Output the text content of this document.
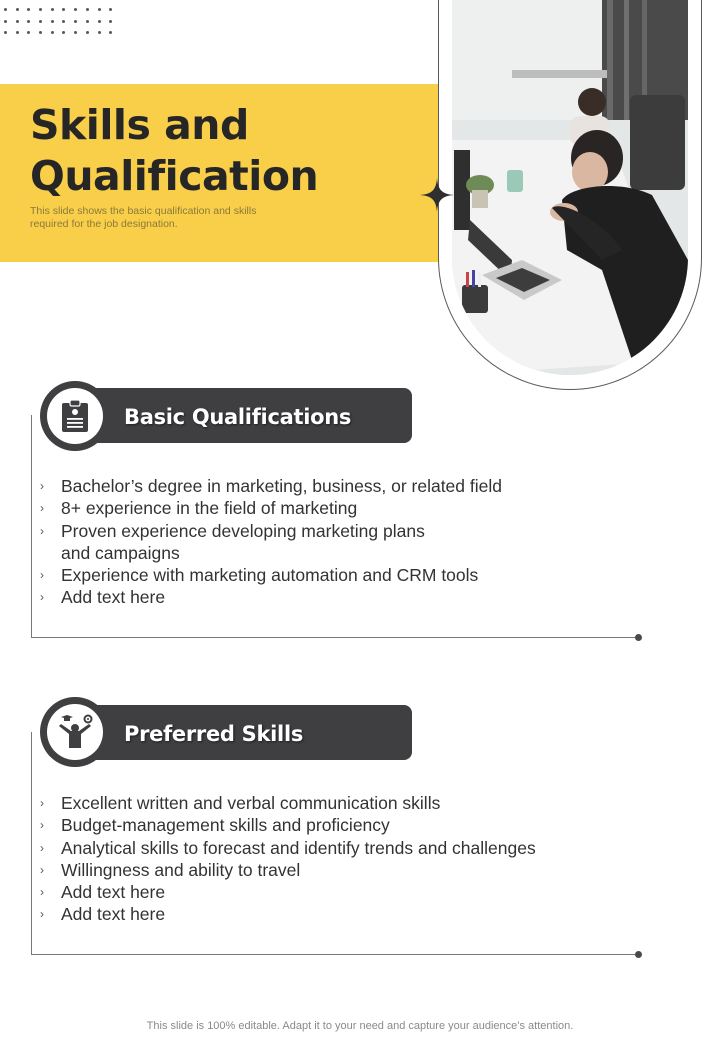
Skills and
Qualification

This slide shows the basic qualification and skills
required for the job designation.

Basic Qualifications
› Bachelor’s degree in marketing, business, or related field
› 8+ experience in the field of marketing
› Proven experience developing marketing plans
and campaigns
› Experience with marketing automation and CRM tools
› Add text here
Preferred Skills
› Excellent written and verbal communication skills
› Budget-management skills and proficiency
› Analytical skills to forecast and identify trends and challenges
› Willingness and ability to travel
› Add text here
› Add text here
This slide is 100% editable. Adapt it to your need and capture your audience’s attention.
